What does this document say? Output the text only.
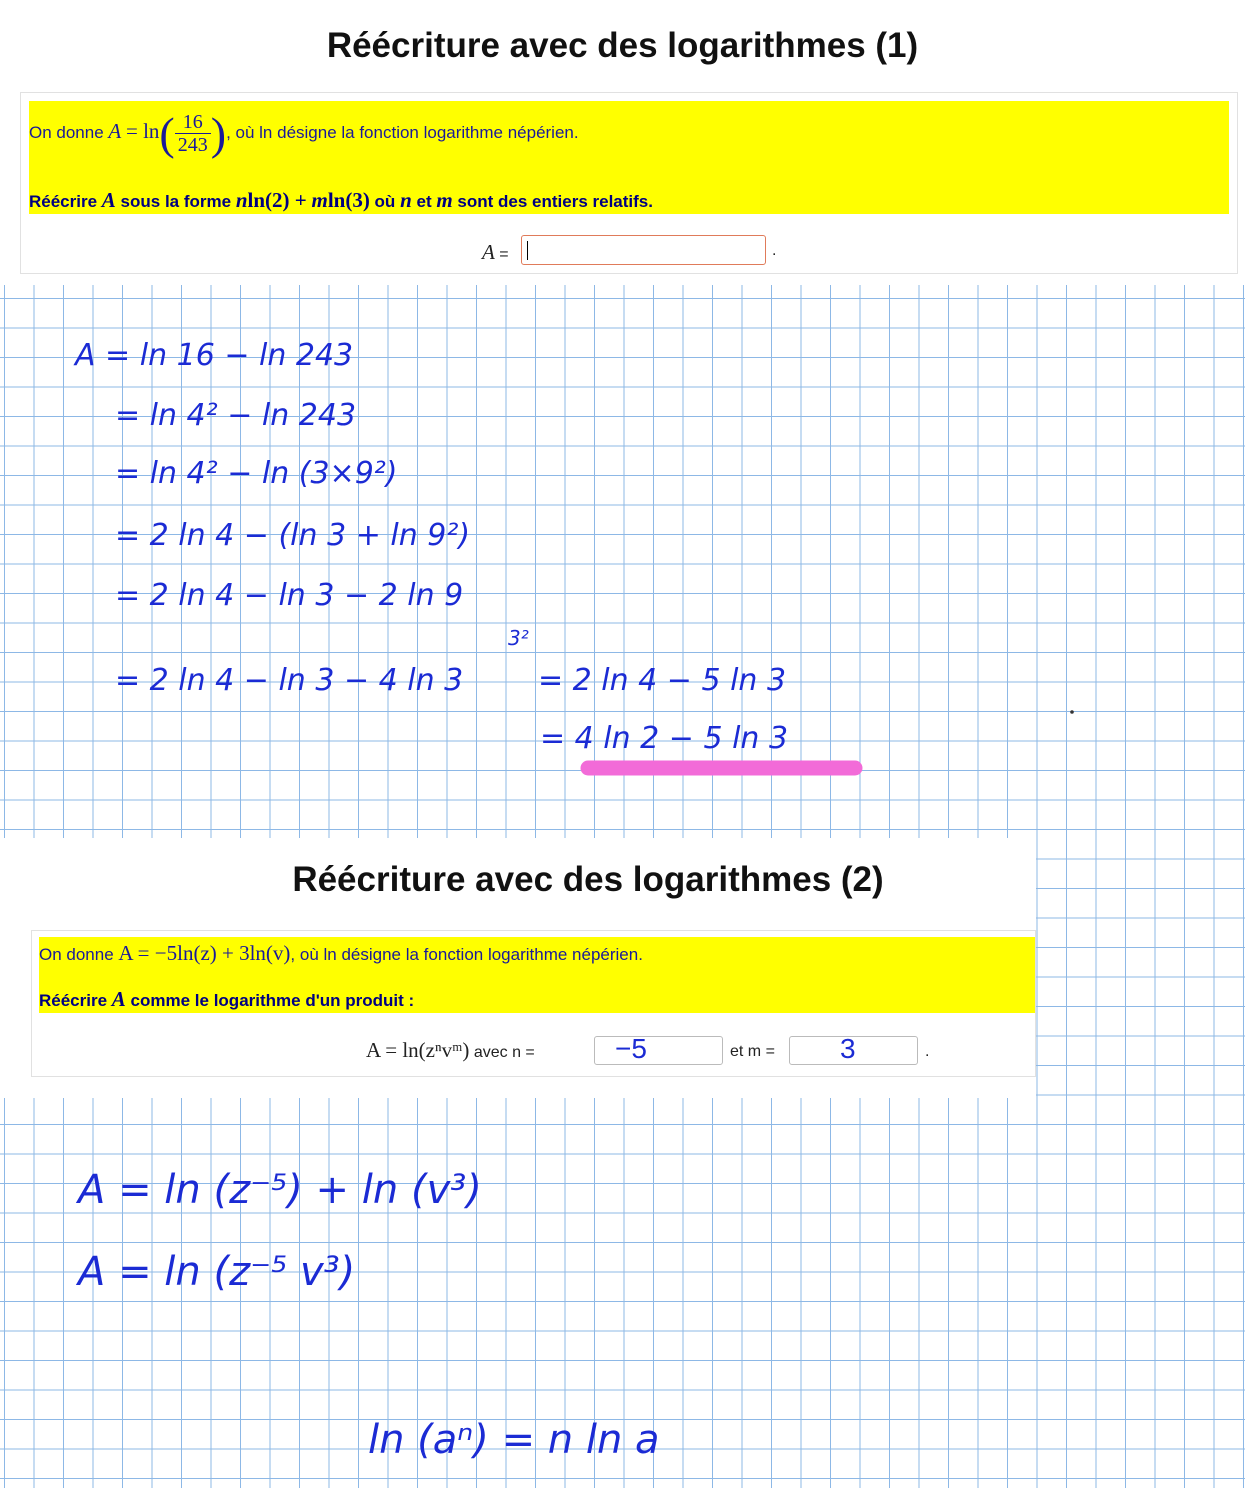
Réécriture avec des logarithmes (1)
On donne $A = \ln( \frac{16}{243}$ ), où ln désigne la fonction logarithme népérien.
Réécrire A sous la forme nln(2) + mln(3) où n et m sont des entiers relatifs.
A =	.
Réécriture avec des logarithmes (2)
On donne A = −5ln(z) + 3ln(v), où ln désigne la fonction logarithme népérien.
Réécrire A comme le logarithme d'un produit :
A = ln(zⁿvᵐ) avec n =	et m =	.
−5	3
A = ln 16 − ln 243
= ln 4² − ln 243
= ln 4² − ln (3×9²)
= 2 ln 4 − (ln 3 + ln 9²)
= 2 ln 4 − ln 3 − 2 ln 9
3²
= 2 ln 4 − ln 3 − 4 ln 3 = 2 ln 4 − 5 ln 3
= 4 ln 2 − 5 ln 3
A = ln (z⁻⁵) + ln (v³)
A = ln (z⁻⁵ v³)
ln (aⁿ) = n ln a
